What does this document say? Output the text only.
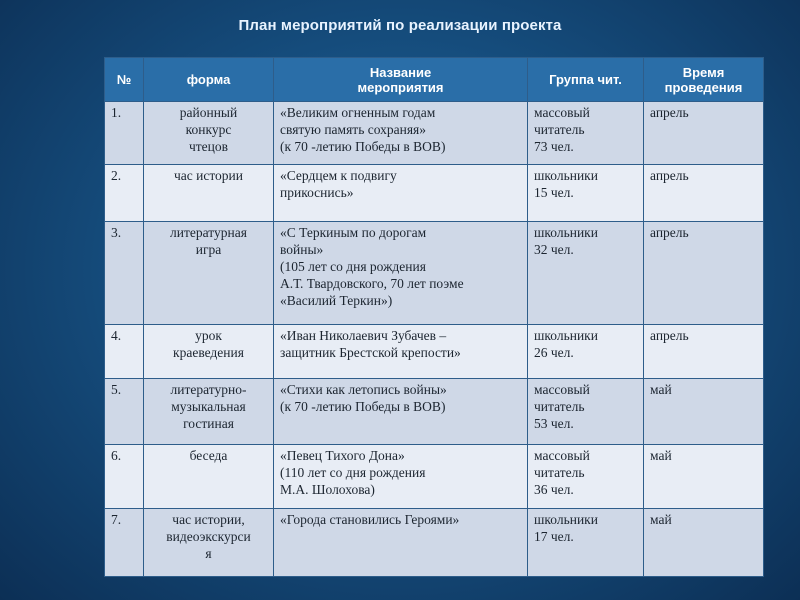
План мероприятий по реализации проекта
№	форма	Название
мероприятия	Группа чит.	Время
проведения
1.	районный
конкурс
чтецов	«Великим огненным годам
святую память сохраняя»
(к 70 -летию Победы в ВОВ)	массовый
читатель
73 чел.	апрель
2.	час истории	«Сердцем к подвигу
прикоснись»	школьники
15 чел.	апрель
3.	литературная
игра	«С Теркиным по дорогам
войны»
(105 лет со дня рождения
А.Т. Твардовского, 70 лет поэме
«Василий Теркин»)	школьники
32 чел.	апрель
4.	урок
краеведения	«Иван Николаевич Зубачев –
защитник Брестской крепости»	школьники
26 чел.	апрель
5.	литературно-
музыкальная
гостиная	«Стихи как летопись войны»
(к 70 -летию Победы в ВОВ)	массовый
читатель
53 чел.	май
6.	беседа	«Певец Тихого Дона»
(110 лет со дня рождения
М.А. Шолохова)	массовый
читатель
36 чел.	май
7.	час истории,
видеоэкскурси
я	«Города становились Героями»	школьники
17 чел.	май
